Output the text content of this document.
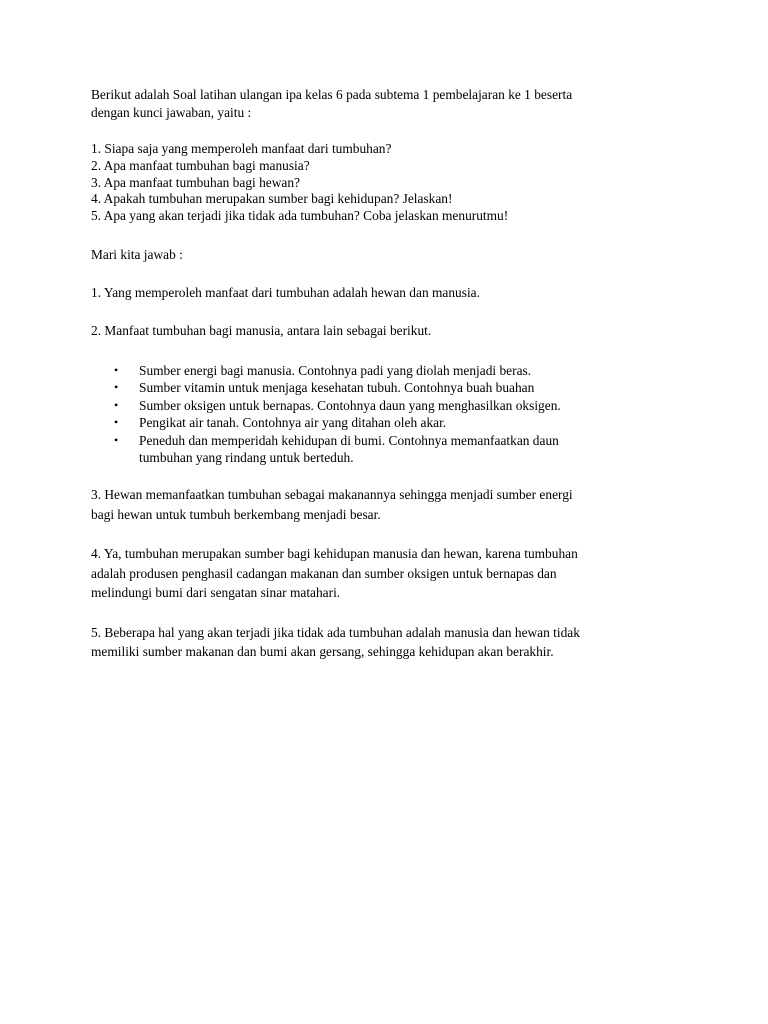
Berikut adalah Soal latihan ulangan ipa kelas 6 pada subtema 1 pembelajaran ke 1 beserta
dengan kunci jawaban, yaitu :

1. Siapa saja yang memperoleh manfaat dari tumbuhan?
2. Apa manfaat tumbuhan bagi manusia?
3. Apa manfaat tumbuhan bagi hewan?
4. Apakah tumbuhan merupakan sumber bagi kehidupan? Jelaskan!
5. Apa yang akan terjadi jika tidak ada tumbuhan? Coba jelaskan menurutmu!

Mari kita jawab :

1. Yang memperoleh manfaat dari tumbuhan adalah hewan dan manusia.

2. Manfaat tumbuhan bagi manusia, antara lain sebagai berikut.

• Sumber energi bagi manusia. Contohnya padi yang diolah menjadi beras.
• Sumber vitamin untuk menjaga kesehatan tubuh. Contohnya buah buahan
• Sumber oksigen untuk bernapas. Contohnya daun yang menghasilkan oksigen.
• Pengikat air tanah. Contohnya air yang ditahan oleh akar.
• Peneduh dan memperidah kehidupan di bumi. Contohnya memanfaatkan daun
tumbuhan yang rindang untuk berteduh.

3. Hewan memanfaatkan tumbuhan sebagai makanannya sehingga menjadi sumber energi
bagi hewan untuk tumbuh berkembang menjadi besar.

4. Ya, tumbuhan merupakan sumber bagi kehidupan manusia dan hewan, karena tumbuhan
adalah produsen penghasil cadangan makanan dan sumber oksigen untuk bernapas dan
melindungi bumi dari sengatan sinar matahari.

5. Beberapa hal yang akan terjadi jika tidak ada tumbuhan adalah manusia dan hewan tidak
memiliki sumber makanan dan bumi akan gersang, sehingga kehidupan akan berakhir.
